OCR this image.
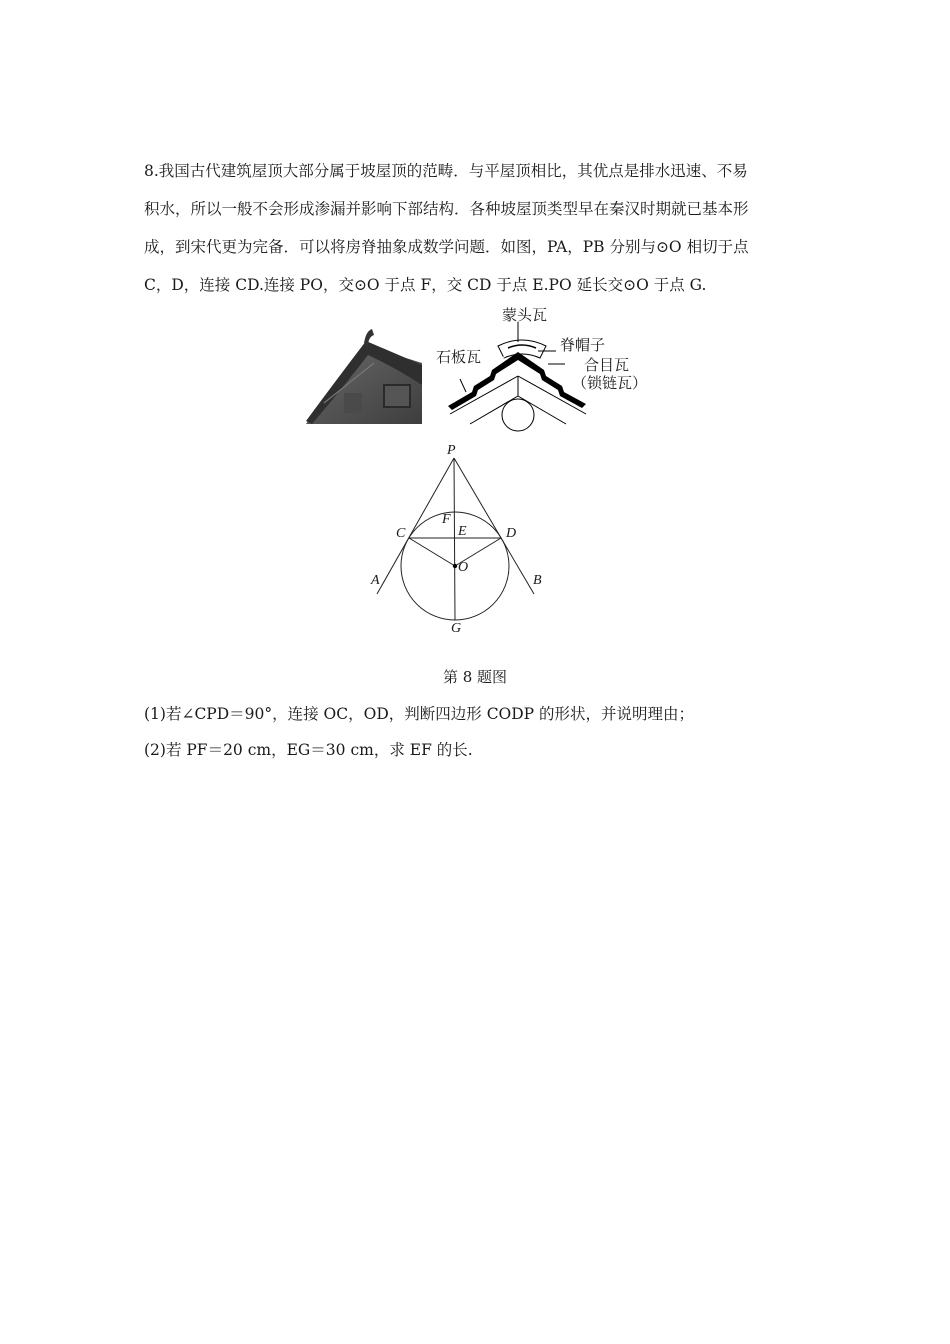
8.我国古代建筑屋顶大部分属于坡屋顶的范畴．与平屋顶相比，其优点是排水迅速、不易
积水，所以一般不会形成渗漏并影响下部结构．各种坡屋顶类型早在秦汉时期就已基本形
成，到宋代更为完备．可以将房脊抽象成数学问题．如图，PA，PB 分别与⊙O 相切于点
C，D，连接 CD.连接 PO，交⊙O 于点 F，交 CD 于点 E.PO 延长交⊙O 于点 G.
蒙头瓦
脊帽子
石板瓦	合目瓦
（锁链瓦）
P
F
C	E	D
O
A	B
G
第 8 题图
(1)若∠CPD＝90°，连接 OC，OD，判断四边形 CODP 的形状，并说明理由；
(2)若 PF＝20 cm，EG＝30 cm，求 EF 的长.
